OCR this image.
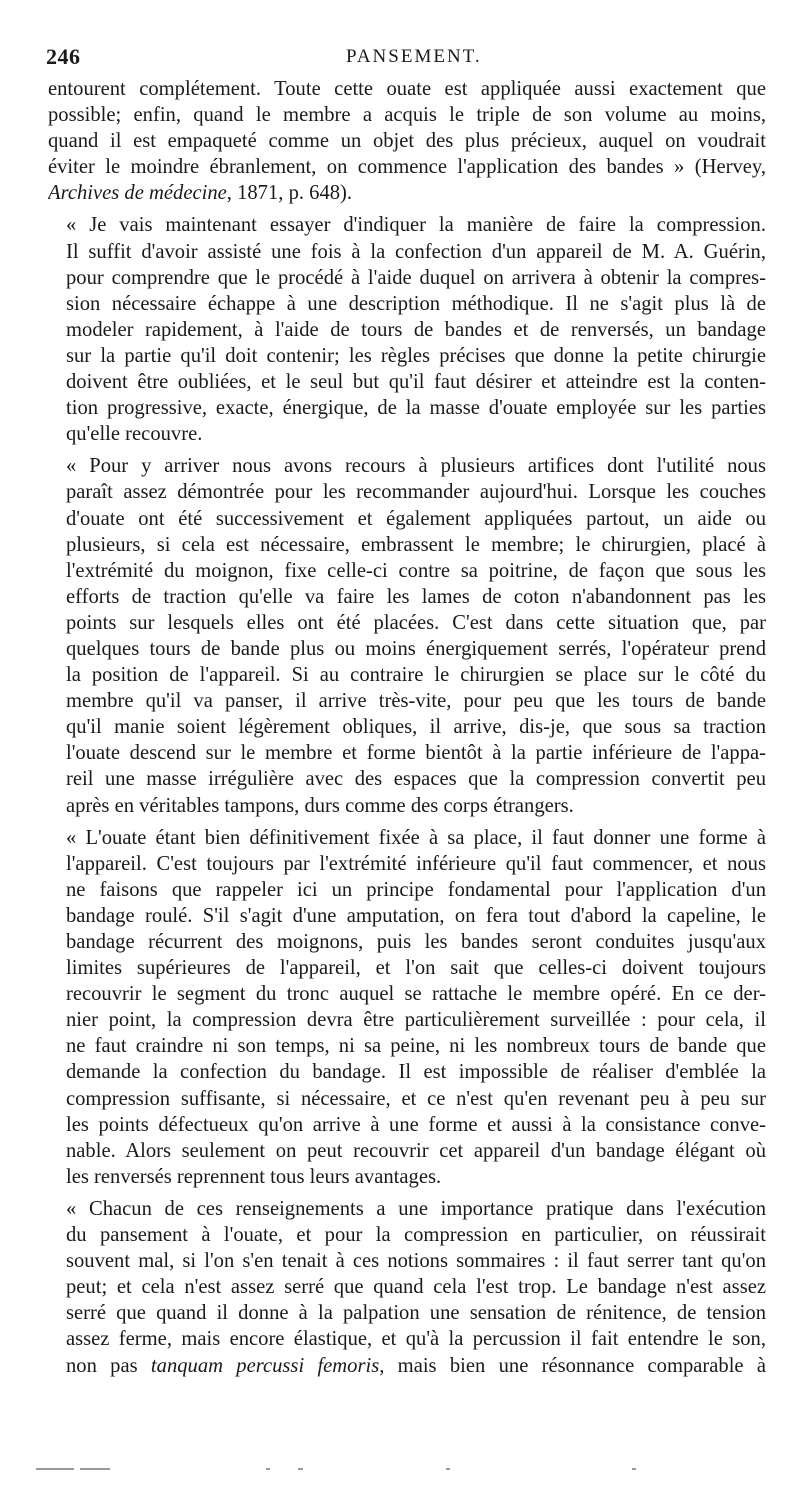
246	PANSEMENT.
entourent complétement. Toute cette ouate est appliquée aussi exactement que
possible; enfin, quand le membre a acquis le triple de son volume au moins,
quand il est empaqueté comme un objet des plus précieux, auquel on voudrait
éviter le moindre ébranlement, on commence l'application des bandes » (Hervey,
Archives de médecine, 1871, p. 648).
« Je vais maintenant essayer d'indiquer la manière de faire la compression.
Il suffit d'avoir assisté une fois à la confection d'un appareil de M. A. Guérin,
pour comprendre que le procédé à l'aide duquel on arrivera à obtenir la compres-
sion nécessaire échappe à une description méthodique. Il ne s'agit plus là de
modeler rapidement, à l'aide de tours de bandes et de renversés, un bandage
sur la partie qu'il doit contenir; les règles précises que donne la petite chirurgie
doivent être oubliées, et le seul but qu'il faut désirer et atteindre est la conten-
tion progressive, exacte, énergique, de la masse d'ouate employée sur les parties
qu'elle recouvre.
« Pour y arriver nous avons recours à plusieurs artifices dont l'utilité nous
paraît assez démontrée pour les recommander aujourd'hui. Lorsque les couches
d'ouate ont été successivement et également appliquées partout, un aide ou
plusieurs, si cela est nécessaire, embrassent le membre; le chirurgien, placé à
l'extrémité du moignon, fixe celle-ci contre sa poitrine, de façon que sous les
efforts de traction qu'elle va faire les lames de coton n'abandonnent pas les
points sur lesquels elles ont été placées. C'est dans cette situation que, par
quelques tours de bande plus ou moins énergiquement serrés, l'opérateur prend
la position de l'appareil. Si au contraire le chirurgien se place sur le côté du
membre qu'il va panser, il arrive très-vite, pour peu que les tours de bande
qu'il manie soient légèrement obliques, il arrive, dis-je, que sous sa traction
l'ouate descend sur le membre et forme bientôt à la partie inférieure de l'appa-
reil une masse irrégulière avec des espaces que la compression convertit peu
après en véritables tampons, durs comme des corps étrangers.
« L'ouate étant bien définitivement fixée à sa place, il faut donner une forme à
l'appareil. C'est toujours par l'extrémité inférieure qu'il faut commencer, et nous
ne faisons que rappeler ici un principe fondamental pour l'application d'un
bandage roulé. S'il s'agit d'une amputation, on fera tout d'abord la capeline, le
bandage récurrent des moignons, puis les bandes seront conduites jusqu'aux
limites supérieures de l'appareil, et l'on sait que celles-ci doivent toujours
recouvrir le segment du tronc auquel se rattache le membre opéré. En ce der-
nier point, la compression devra être particulièrement surveillée : pour cela, il
ne faut craindre ni son temps, ni sa peine, ni les nombreux tours de bande que
demande la confection du bandage. Il est impossible de réaliser d'emblée la
compression suffisante, si nécessaire, et ce n'est qu'en revenant peu à peu sur
les points défectueux qu'on arrive à une forme et aussi à la consistance conve-
nable. Alors seulement on peut recouvrir cet appareil d'un bandage élégant où
les renversés reprennent tous leurs avantages.
« Chacun de ces renseignements a une importance pratique dans l'exécution
du pansement à l'ouate, et pour la compression en particulier, on réussirait
souvent mal, si l'on s'en tenait à ces notions sommaires : il faut serrer tant qu'on
peut; et cela n'est assez serré que quand cela l'est trop. Le bandage n'est assez
serré que quand il donne à la palpation une sensation de rénitence, de tension
assez ferme, mais encore élastique, et qu'à la percussion il fait entendre le son,
non pas tanquam percussi femoris, mais bien une résonnance comparable à
